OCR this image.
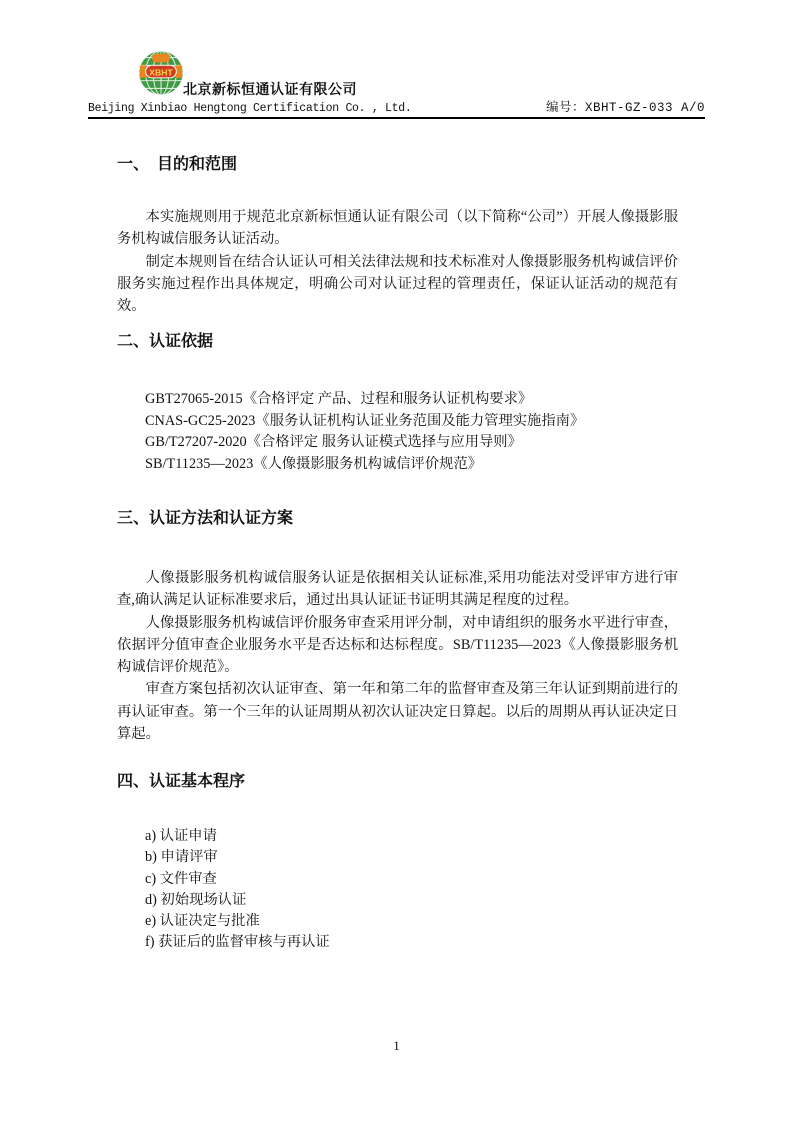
XBHT
北京新标恒通认证有限公司
Beijing Xinbiao Hengtong Certification Co. , Ltd.	编号：XBHT-GZ-033 A/0
一、　目的和范围

本实施规则用于规范北京新标恒通认证有限公司（以下简称“公司”）开展人像摄影服务机构诚信服务认证活动。

制定本规则旨在结合认证认可相关法律法规和技术标准对人像摄影服务机构诚信评价服务实施过程作出具体规定，明确公司对认证过程的管理责任，保证认证活动的规范有效。

二、认证依据
GBT27065-2015《合格评定 产品、过程和服务认证机构要求》
CNAS-GC25-2023《服务认证机构认证业务范围及能力管理实施指南》
GB/T27207-2020《合格评定 服务认证模式选择与应用导则》
SB/T11235—2023《人像摄影服务机构诚信评价规范》
三、认证方法和认证方案

人像摄影服务机构诚信服务认证是依据相关认证标准,采用功能法对受评审方进行审查,确认满足认证标准要求后，通过出具认证证书证明其满足程度的过程。

人像摄影服务机构诚信评价服务审查采用评分制，对申请组织的服务水平进行审查，依据评分值审查企业服务水平是否达标和达标程度。SB/T11235—2023《人像摄影服务机构诚信评价规范》。

审查方案包括初次认证审查、第一年和第二年的监督审查及第三年认证到期前进行的再认证审查。第一个三年的认证周期从初次认证决定日算起。以后的周期从再认证决定日算起。

四、认证基本程序
a) 认证申请
b) 申请评审
c) 文件审查
d) 初始现场认证
e) 认证决定与批准
f) 获证后的监督审核与再认证
1
